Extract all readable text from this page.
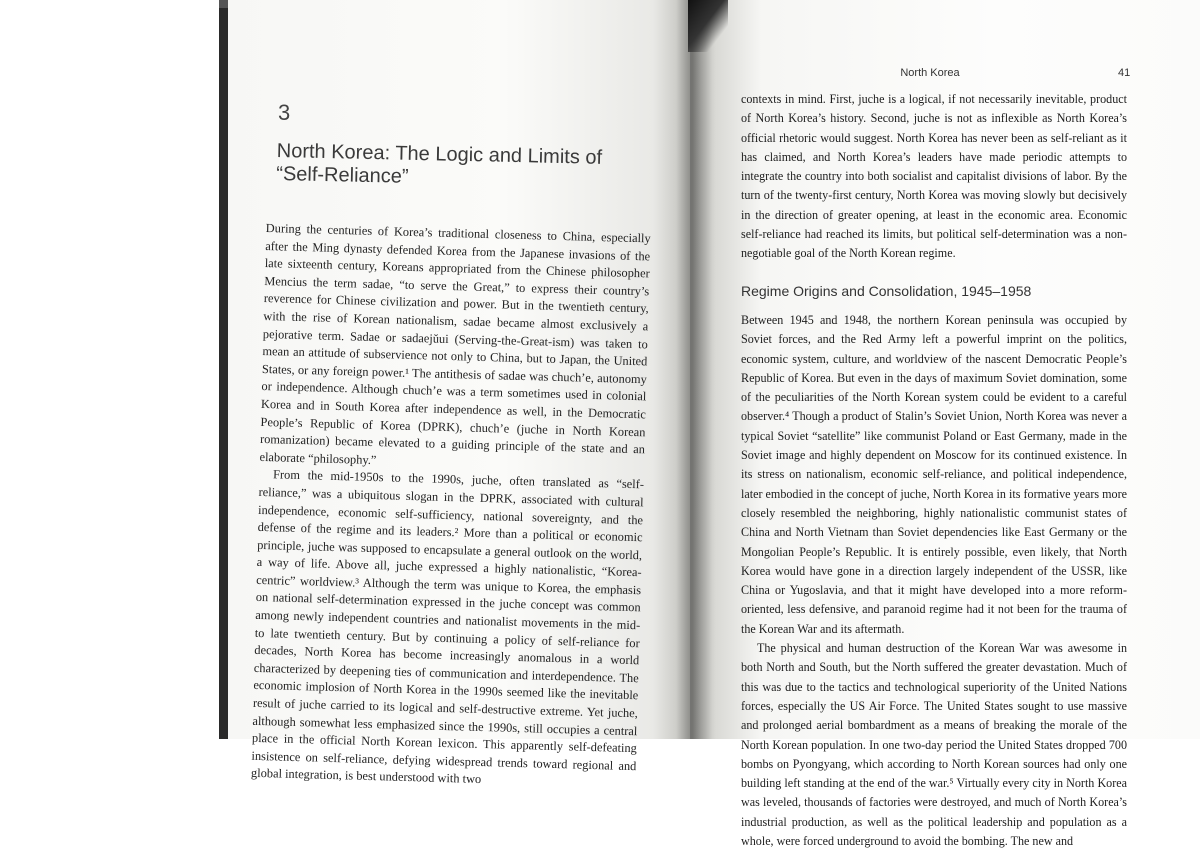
3
North Korea: The Logic and Limits of “Self-Reliance”

During the centuries of Korea’s traditional closeness to China, especially after the Ming dynasty defended Korea from the Japanese invasions of the late sixteenth century, Koreans appropriated from the Chinese philosopher Mencius the term sadae, “to serve the Great,” to express their country’s reverence for Chinese civilization and power. But in the twentieth century, with the rise of Korean nationalism, sadae became almost exclusively a pejorative term. Sadae or sadaejŭui (Serving-the-Great-ism) was taken to mean an attitude of subservience not only to China, but to Japan, the United States, or any foreign power.¹ The antithesis of sadae was chuch’e, autonomy or independence. Although chuch’e was a term sometimes used in colonial Korea and in South Korea after independence as well, in the Democratic People’s Republic of Korea (DPRK), chuch’e (juche in North Korean romanization) became elevated to a guiding principle of the state and an elaborate “philosophy.”

From the mid-1950s to the 1990s, juche, often translated as “self-reliance,” was a ubiquitous slogan in the DPRK, associated with cultural independence, economic self-sufficiency, national sovereignty, and the defense of the regime and its leaders.² More than a political or economic principle, juche was supposed to encapsulate a general outlook on the world, a way of life. Above all, juche expressed a highly nationalistic, “Korea-centric” worldview.³ Although the term was unique to Korea, the emphasis on national self-determination expressed in the juche concept was common among newly independent countries and nationalist movements in the mid- to late twentieth century. But by continuing a policy of self-reliance for decades, North Korea has become increasingly anomalous in a world characterized by deepening ties of communication and interdependence. The economic implosion of North Korea in the 1990s seemed like the inevitable result of juche carried to its logical and self-destructive extreme. Yet juche, although somewhat less emphasized since the 1990s, still occupies a central place in the official North Korean lexicon. This apparently self-defeating insistence on self-reliance, defying widespread trends toward regional and global integration, is best understood with two

North Korea	41

contexts in mind. First, juche is a logical, if not necessarily inevitable, product of North Korea’s history. Second, juche is not as inflexible as North Korea’s official rhetoric would suggest. North Korea has never been as self-reliant as it has claimed, and North Korea’s leaders have made periodic attempts to integrate the country into both socialist and capitalist divisions of labor. By the turn of the twenty-first century, North Korea was moving slowly but decisively in the direction of greater opening, at least in the economic area. Economic self-reliance had reached its limits, but political self-determination was a non-negotiable goal of the North Korean regime.

Regime Origins and Consolidation, 1945–1958

Between 1945 and 1948, the northern Korean peninsula was occupied by Soviet forces, and the Red Army left a powerful imprint on the politics, economic system, culture, and worldview of the nascent Democratic People’s Republic of Korea. But even in the days of maximum Soviet domination, some of the peculiarities of the North Korean system could be evident to a careful observer.⁴ Though a product of Stalin’s Soviet Union, North Korea was never a typical Soviet “satellite” like communist Poland or East Germany, made in the Soviet image and highly dependent on Moscow for its continued existence. In its stress on nationalism, economic self-reliance, and political independence, later embodied in the concept of juche, North Korea in its formative years more closely resembled the neighboring, highly nationalistic communist states of China and North Vietnam than Soviet dependencies like East Germany or the Mongolian People’s Republic. It is entirely possible, even likely, that North Korea would have gone in a direction largely independent of the USSR, like China or Yugoslavia, and that it might have developed into a more reform-oriented, less defensive, and paranoid regime had it not been for the trauma of the Korean War and its aftermath.

The physical and human destruction of the Korean War was awesome in both North and South, but the North suffered the greater devastation. Much of this was due to the tactics and technological superiority of the United Nations forces, especially the US Air Force. The United States sought to use massive and prolonged aerial bombardment as a means of breaking the morale of the North Korean population. In one two-day period the United States dropped 700 bombs on Pyongyang, which according to North Korean sources had only one building left standing at the end of the war.⁵ Virtually every city in North Korea was leveled, thousands of factories were destroyed, and much of North Korea’s industrial production, as well as the political leadership and population as a whole, were forced underground to avoid the bombing. The new and
